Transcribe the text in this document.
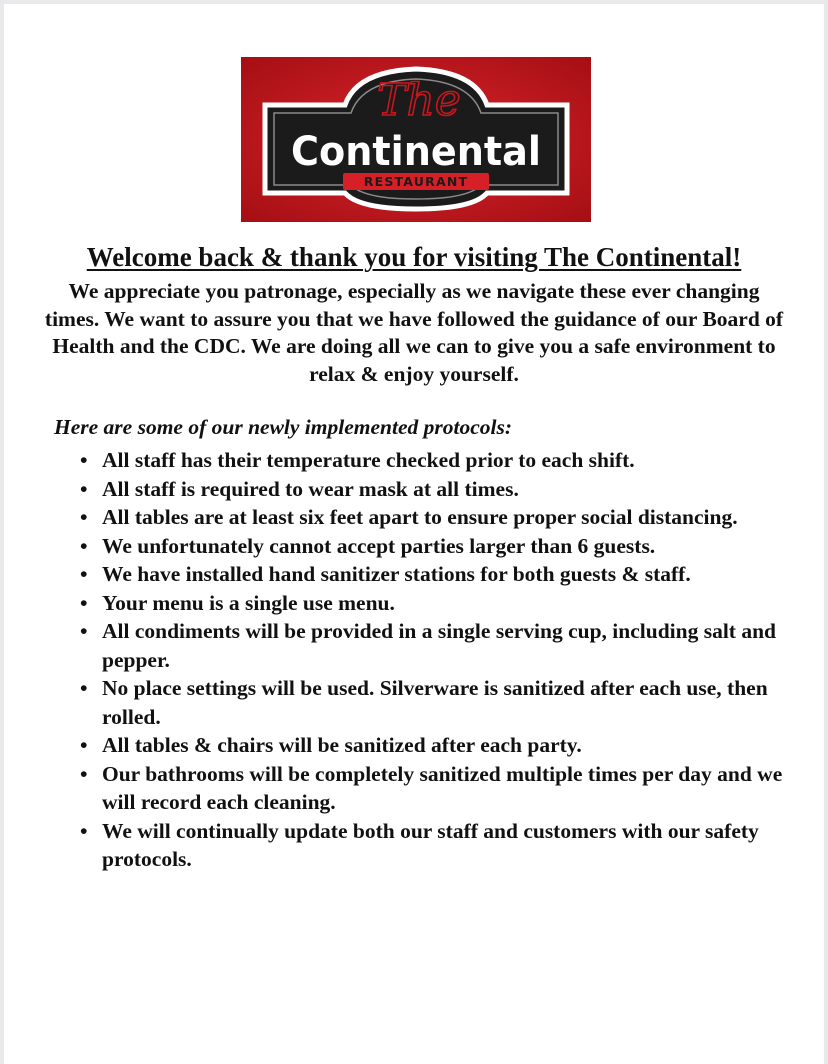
The
Continental
RESTAURANT
Welcome back & thank you for visiting The Continental!
We appreciate you patronage, especially as we navigate these ever changing times. We want to assure you that we have followed the guidance of our Board of Health and the CDC. We are doing all we can to give you a safe environment to relax & enjoy yourself.
Here are some of our newly implemented protocols:
• All staff has their temperature checked prior to each shift.
• All staff is required to wear mask at all times.
• All tables are at least six feet apart to ensure proper social distancing.
• We unfortunately cannot accept parties larger than 6 guests.
• We have installed hand sanitizer stations for both guests & staff.
• Your menu is a single use menu.
• All condiments will be provided in a single serving cup, including salt and pepper.
• No place settings will be used. Silverware is sanitized after each use, then rolled.
• All tables & chairs will be sanitized after each party.
• Our bathrooms will be completely sanitized multiple times per day and we will record each cleaning.
• We will continually update both our staff and customers with our safety protocols.
